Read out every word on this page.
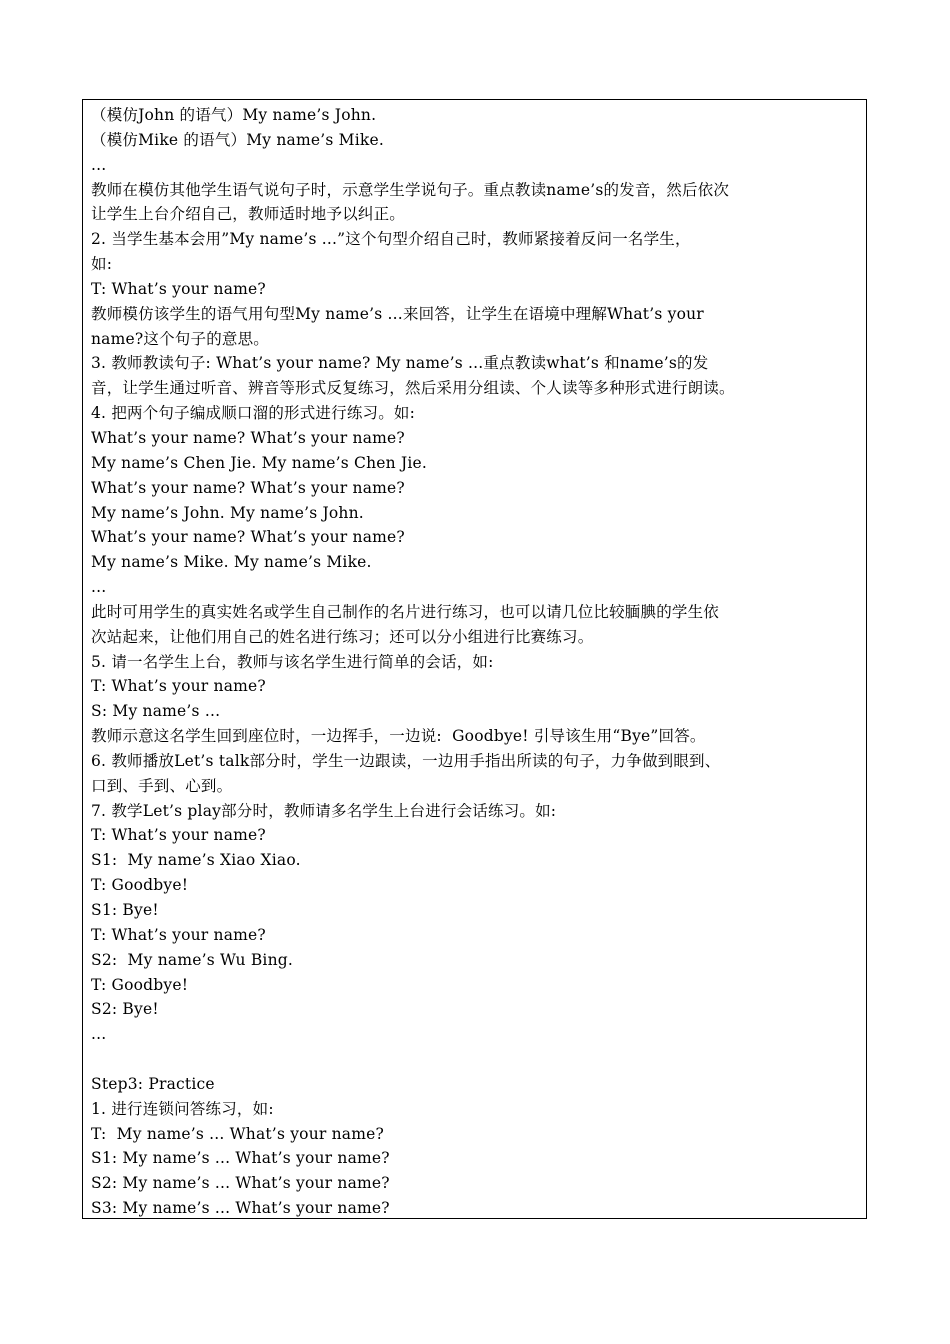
（模仿John 的语气）My name’s John.
（模仿Mike 的语气）My name’s Mike.
...
教师在模仿其他学生语气说句子时，示意学生学说句子。重点教读name’s的发音，然后依次
让学生上台介绍自己，教师适时地予以纠正。
2. 当学生基本会用”My name’s ...”这个句型介绍自己时，教师紧接着反问一名学生，
如:
T: What’s your name?
教师模仿该学生的语气用句型My name’s ...来回答，让学生在语境中理解What’s your
name?这个句子的意思。
3. 教师教读句子: What’s your name? My name’s ...重点教读what’s 和name’s的发
音，让学生通过听音、辨音等形式反复练习，然后采用分组读、个人读等多种形式进行朗读。
4. 把两个句子编成顺口溜的形式进行练习。如:
What’s your name? What’s your name?
My name’s Chen Jie. My name’s Chen Jie.
What’s your name? What’s your name?
My name’s John. My name’s John.
What’s your name? What’s your name?
My name’s Mike. My name’s Mike.
...
此时可用学生的真实姓名或学生自己制作的名片进行练习，也可以请几位比较腼腆的学生依
次站起来，让他们用自己的姓名进行练习；还可以分小组进行比赛练习。
5. 请一名学生上台，教师与该名学生进行简单的会话，如:
T: What’s your name?
S: My name’s ...
教师示意这名学生回到座位时，一边挥手，一边说:  Goodbye! 引导该生用“Bye”回答。
6. 教师播放Let’s talk部分时，学生一边跟读，一边用手指出所读的句子，力争做到眼到、
口到、手到、心到。
7. 教学Let’s play部分时，教师请多名学生上台进行会话练习。如:
T: What’s your name?
S1:  My name’s Xiao Xiao.
T: Goodbye!
S1: Bye!
T: What’s your name?
S2:  My name’s Wu Bing.
T: Goodbye!
S2: Bye!
...
Step3: Practice
1. 进行连锁问答练习，如:
T:  My name’s ... What’s your name?
S1: My name’s ... What’s your name?
S2: My name’s ... What’s your name?
S3: My name’s ... What’s your name?
